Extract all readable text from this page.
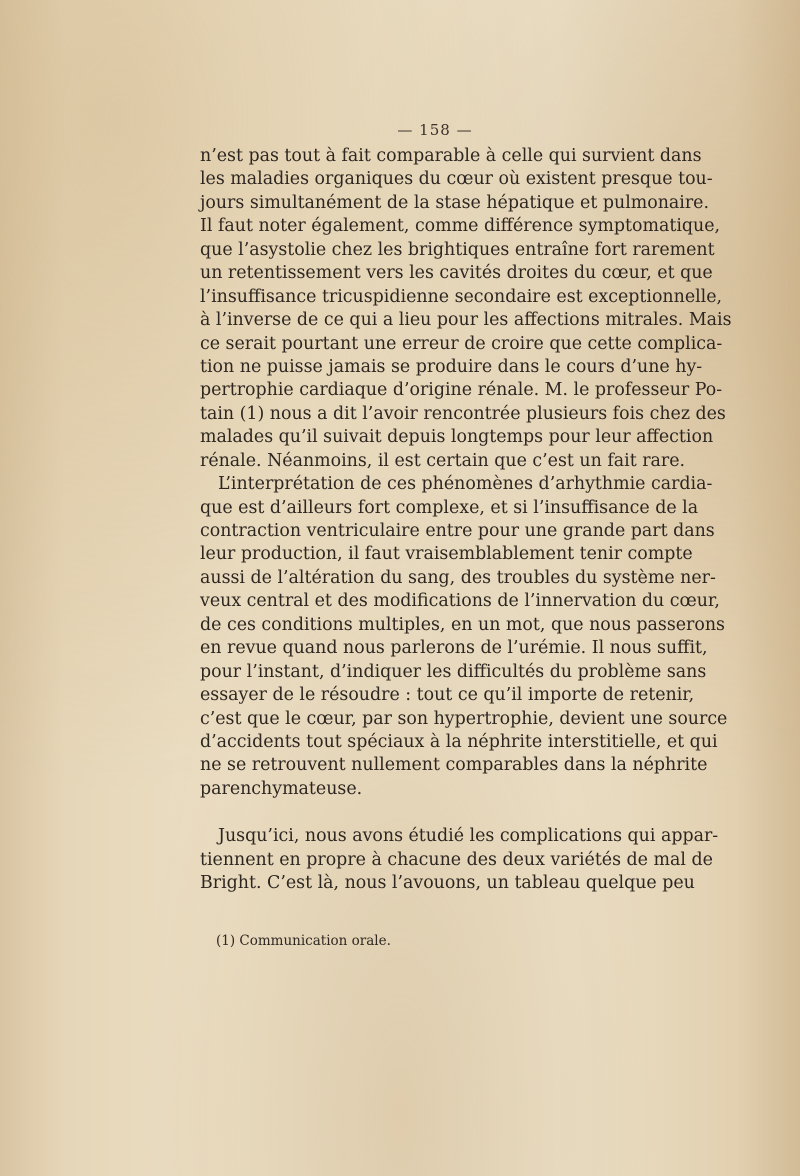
— 158 —
n’est pas tout à fait comparable à celle qui survient dans
les maladies organiques du cœur où existent presque tou-
jours simultanément de la stase hépatique et pulmonaire.
Il faut noter également, comme différence symptomatique,
que l’asystolie chez les brightiques entraîne fort rarement
un retentissement vers les cavités droites du cœur, et que
l’insuffisance tricuspidienne secondaire est exceptionnelle,
à l’inverse de ce qui a lieu pour les affections mitrales. Mais
ce serait pourtant une erreur de croire que cette complica-
tion ne puisse jamais se produire dans le cours d’une hy-
pertrophie cardiaque d’origine rénale. M. le professeur Po-
tain (1) nous a dit l’avoir rencontrée plusieurs fois chez des
malades qu’il suivait depuis longtemps pour leur affection
rénale. Néanmoins, il est certain que c’est un fait rare.
L’interprétation de ces phénomènes d’arhythmie cardia-
que est d’ailleurs fort complexe, et si l’insuffisance de la
contraction ventriculaire entre pour une grande part dans
leur production, il faut vraisemblablement tenir compte
aussi de l’altération du sang, des troubles du système ner-
veux central et des modifications de l’innervation du cœur,
de ces conditions multiples, en un mot, que nous passerons
en revue quand nous parlerons de l’urémie. Il nous suffit,
pour l’instant, d’indiquer les difficultés du problème sans
essayer de le résoudre : tout ce qu’il importe de retenir,
c’est que le cœur, par son hypertrophie, devient une source
d’accidents tout spéciaux à la néphrite interstitielle, et qui
ne se retrouvent nullement comparables dans la néphrite
parenchymateuse.
Jusqu’ici, nous avons étudié les complications qui appar-
tiennent en propre à chacune des deux variétés de mal de
Bright. C’est là, nous l’avouons, un tableau quelque peu
(1) Communication orale.
